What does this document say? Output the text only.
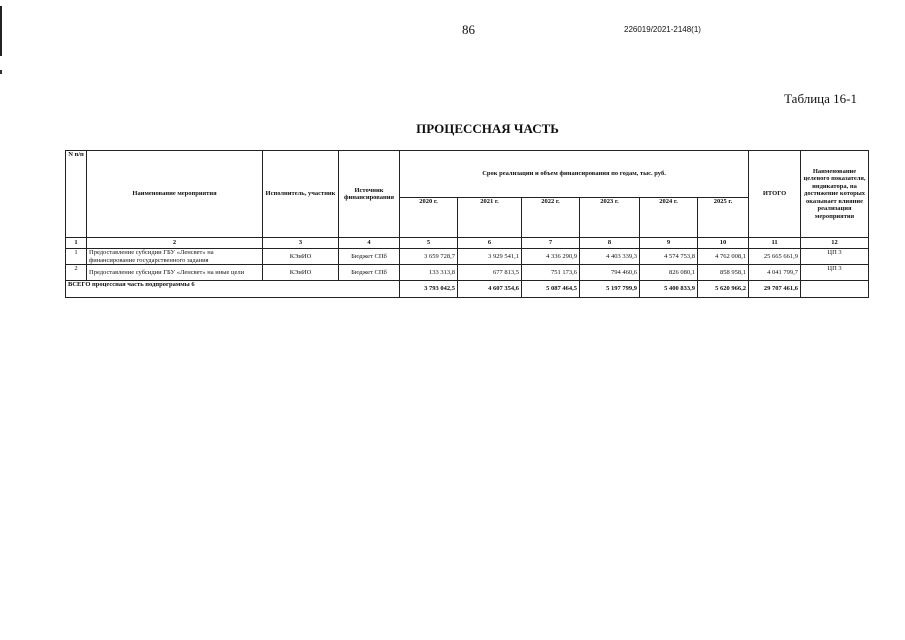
86	226019/2021-2148(1)
Таблица 16-1
ПРОЦЕССНАЯ ЧАСТЬ
N п/п	Наименование мероприятия	Исполнитель, участник	Источник финансирования	Срок реализации и объем финансирования по годам, тыс. руб.						ИТОГО	Наименование целевого показателя, индикатора, на достижение которых оказывает влияние реализация мероприятия
				2020 г.	2021 г.	2022 г.	2023 г.	2024 г.	2025 г.		
1	2	3	4	5	6	7	8	9	10	11	12
1	Предоставление субсидии ГБУ «Ленсвет» на финансирование государственного задания	КЭиИО	Бюджет СПб	3 659 728,7	3 929 541,1	4 336 290,9	4 403 339,3	4 574 753,8	4 762 008,1	25 665 661,9	ЦП 3
2	Предоставление субсидии ГБУ «Ленсвет» на иные цели	КЭиИО	Бюджет СПб	133 313,8	677 813,5	751 173,6	794 460,6	826 080,1	858 958,1	4 041 799,7	ЦП 3
ВСЕГО процессная часть подпрограммы 6				3 793 042,5	4 607 354,6	5 087 464,5	5 197 799,9	5 400 833,9	5 620 966,2	29 707 461,6	
